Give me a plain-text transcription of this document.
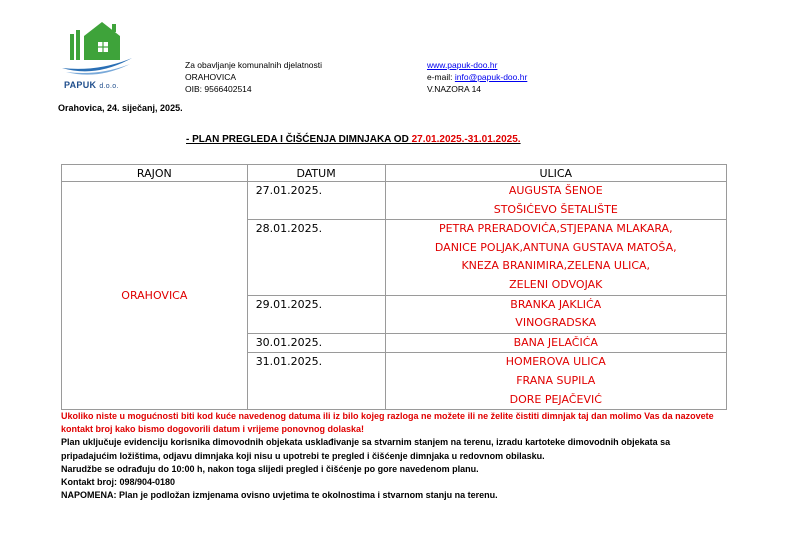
PAPUK d.o.o.
Za obavljanje komunalnih djelatnosti
ORAHOVICA
OIB: 9566402514
www.papuk-doo.hr
e-mail: info@papuk-doo.hr
V.NAZORA 14
Orahovica, 24. siječanj, 2025.
- PLAN PREGLEDA I ČIŠĆENJA DIMNJAKA OD 27.01.2025.-31.01.2025.
RAJON	DATUM	ULICA
ORAHOVICA	27.01.2025.	AUGUSTA ŠENOE
STOŠIĆEVO ŠETALIŠTE

	28.01.2025.	PETRA PRERADOVIĆA,STJEPANA MLAKARA,
DANICE POLJAK,ANTUNA GUSTAVA MATOŠA,
KNEZA BRANIMIRA,ZELENA ULICA,
ZELENI ODVOJAK

	29.01.2025.	BRANKA JAKLIĆA
VINOGRADSKA

	30.01.2025.	BANA JELAČIĆA

	31.01.2025.	HOMEROVA ULICA
FRANA SUPILA
DORE PEJAČEVIĆ

Ukoliko niste u mogućnosti biti kod kuće navedenog datuma ili iz bilo kojeg razloga ne možete ili ne želite čistiti dimnjak taj dan molimo Vas da nazovete kontakt broj kako bismo dogovorili datum i vrijeme ponovnog dolaska!

Plan uključuje evidenciju korisnika dimovodnih objekata usklađivanje sa stvarnim stanjem na terenu, izradu kartoteke dimovodnih objekata sa pripadajućim ložištima, odjavu dimnjaka koji nisu u upotrebi te pregled i čišćenje dimnjaka u redovnom obilasku.

Narudžbe se odrađuju do 10:00 h, nakon toga slijedi pregled i čišćenje po gore navedenom planu.

Kontakt broj: 098/904-0180

NAPOMENA: Plan je podložan izmjenama ovisno uvjetima te okolnostima i stvarnom stanju na terenu.
